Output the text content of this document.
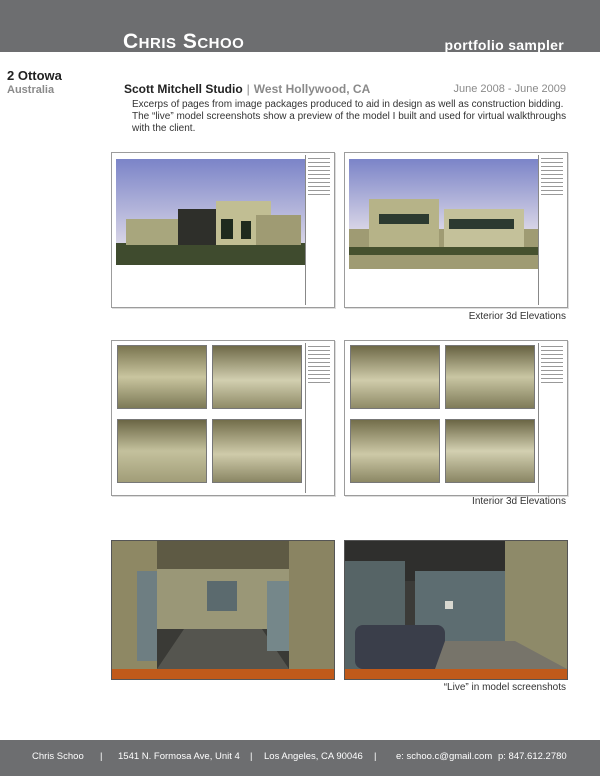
Chris Schoo	portfolio sampler
2 Ottowa
Australia	Scott Mitchell Studio | West Hollywood, CA	June 2008 - June 2009
Excerps of pages from image packages produced to aid in design as well as construction bidding. The “live” model screenshots show a preview of the model I built and used for virtual walkthroughs with the client.
Exterior 3d Elevations
Interior 3d Elevations
“Live” in model screenshots
Chris Schoo | 1541 N. Formosa Ave, Unit 4 | Los Angeles, CA 90046 | e: schoo.c@gmail.com p: 847.612.2780
